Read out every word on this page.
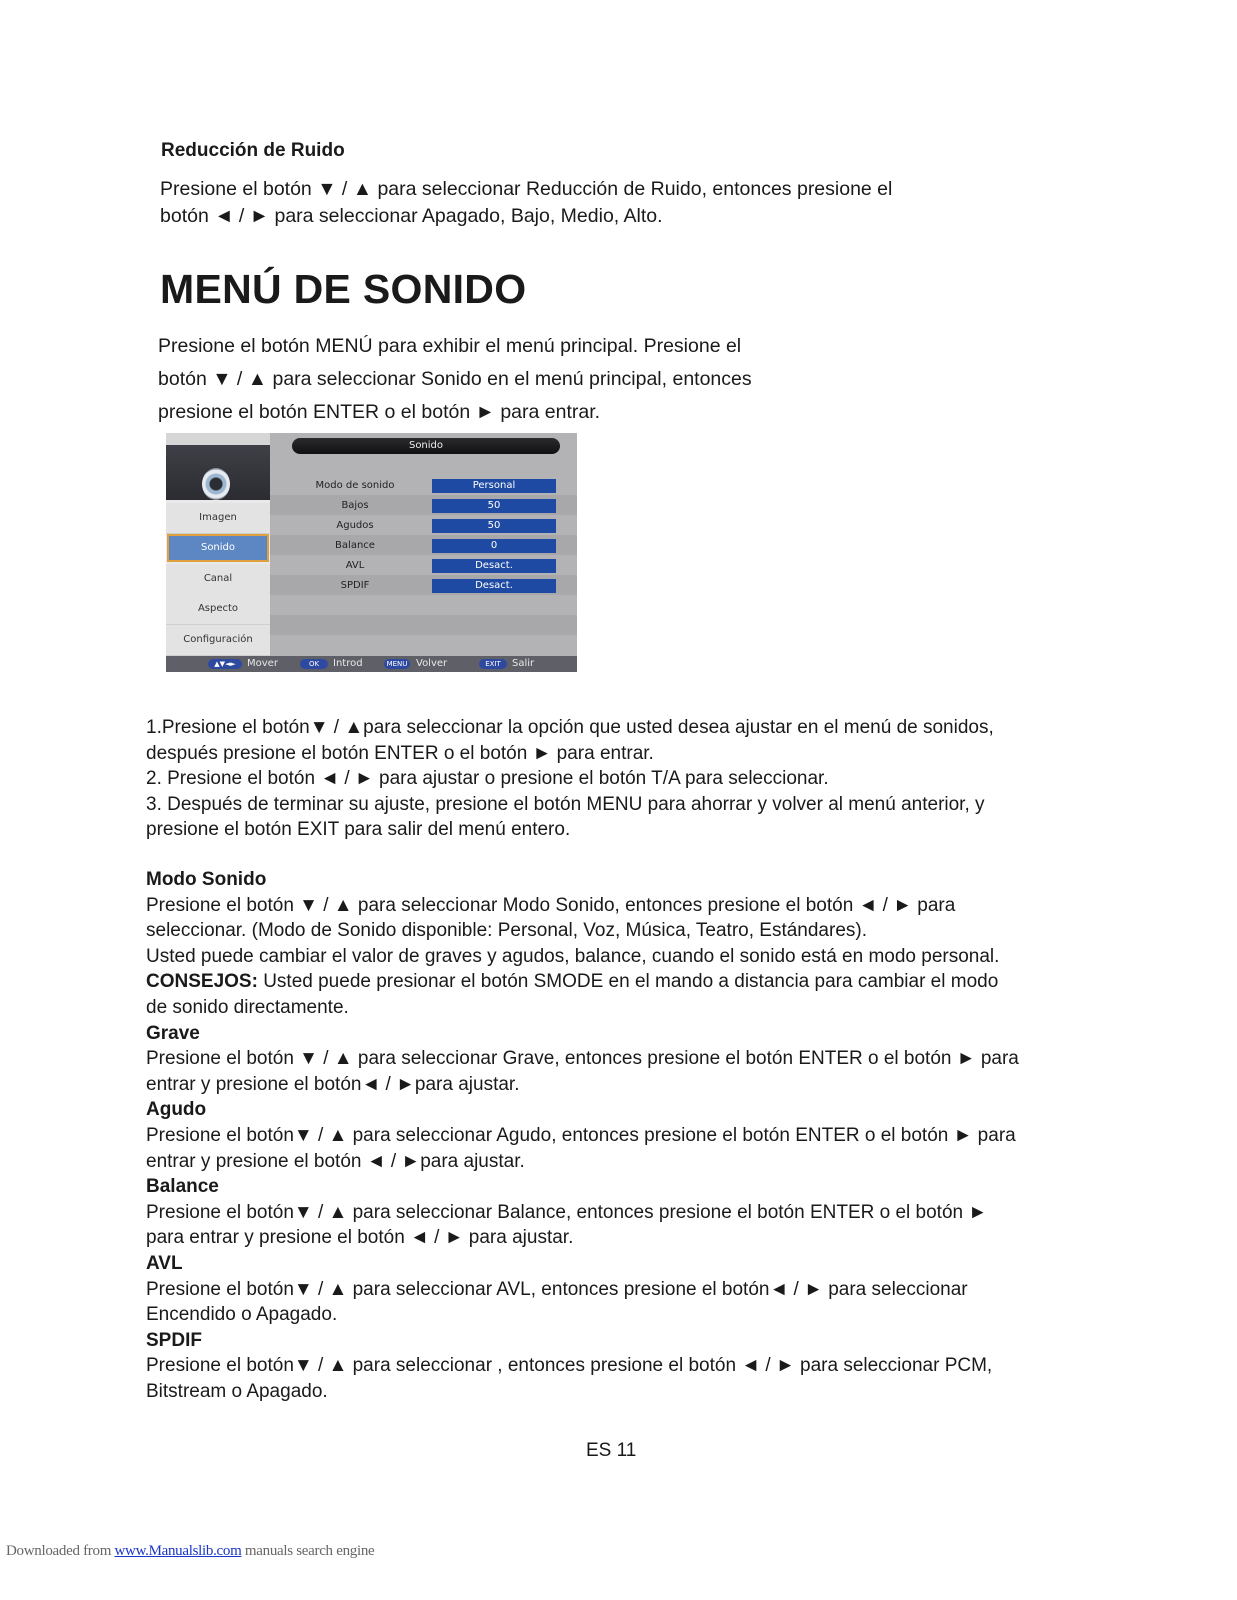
Reducción de Ruido
Presione el botón ▼ / ▲ para seleccionar Reducción de Ruido, entonces presione el
botón ◄ / ► para seleccionar Apagado, Bajo, Medio, Alto.
MENÚ DE SONIDO
Presione el botón MENÚ para exhibir el menú principal. Presione el
botón ▼ / ▲ para seleccionar Sonido en el menú principal, entonces
presione el botón ENTER o el botón ► para entrar.
Imagen
Sonido
Canal
Aspecto
Configuración
Sonido
Modo de sonido	Personal
Bajos	50
Agudos	50
Balance	0
AVL	Desact.
SPDIF	Desact.
▲▼◄►	Mover	OK	Introd	MENU Volver	EXIT	Salir
1.Presione el botón▼ / ▲para seleccionar la opción que usted desea ajustar en el menú de sonidos,
después presione el botón ENTER o el botón ► para entrar.
2. Presione el botón ◄ / ► para ajustar o presione el botón T/A para seleccionar.
3. Después de terminar su ajuste, presione el botón MENU para ahorrar y volver al menú anterior, y
presione el botón EXIT para salir del menú entero.
Modo Sonido
Presione el botón ▼ / ▲ para seleccionar Modo Sonido, entonces presione el botón ◄ / ► para
seleccionar. (Modo de Sonido disponible: Personal, Voz, Música, Teatro, Estándares).
Usted puede cambiar el valor de graves y agudos, balance, cuando el sonido está en modo personal.
CONSEJOS: Usted puede presionar el botón SMODE en el mando a distancia para cambiar el modo
de sonido directamente.
Grave
Presione el botón ▼ / ▲ para seleccionar Grave, entonces presione el botón ENTER o el botón ► para
entrar y presione el botón◄ / ►para ajustar.
Agudo
Presione el botón▼ / ▲ para seleccionar Agudo, entonces presione el botón ENTER o el botón ► para
entrar y presione el botón ◄ / ►para ajustar.
Balance
Presione el botón▼ / ▲ para seleccionar Balance, entonces presione el botón ENTER o el botón ►
para entrar y presione el botón ◄ / ► para ajustar.
AVL
Presione el botón▼ / ▲ para seleccionar AVL, entonces presione el botón◄ / ► para seleccionar
Encendido o Apagado.
SPDIF
Presione el botón▼ / ▲ para seleccionar , entonces presione el botón ◄ / ► para seleccionar PCM,
Bitstream o Apagado.
ES 11
Downloaded from www.Manualslib.com manuals search engine
